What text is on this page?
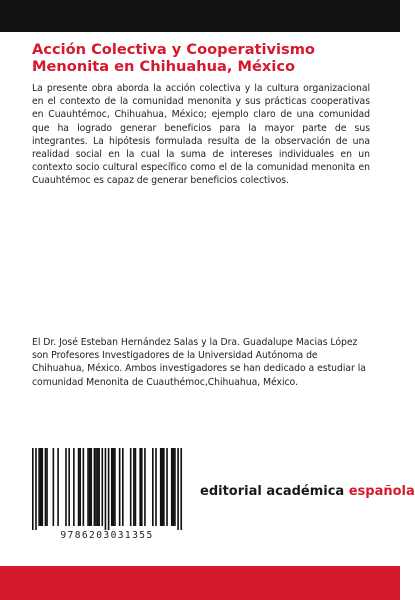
Acción Colectiva y Cooperativismo
Menonita en Chihuahua, México

La presente obra aborda la acción colectiva y la cultura organizacional en el contexto de la comunidad menonita y sus prácticas cooperativas en Cuauhtémoc, Chihuahua, México; ejemplo claro de una comunidad que ha logrado generar beneficios para la mayor parte de sus integrantes. La hipótesis formulada resulta de la observación de una realidad social en la cual la suma de intereses individuales en un contexto socio cultural específico como el de la comunidad menonita en Cuauhtémoc es capaz de generar beneficios colectivos.

El Dr. José Esteban Hernández Salas y la Dra. Guadalupe Macias López son Profesores Investigadores de la Universidad Autónoma de Chihuahua, México. Ambos investigadores se han dedicado a estudiar la comunidad Menonita de Cuauthémoc,Chihuahua, México.

9786203031355
editorial académica española
